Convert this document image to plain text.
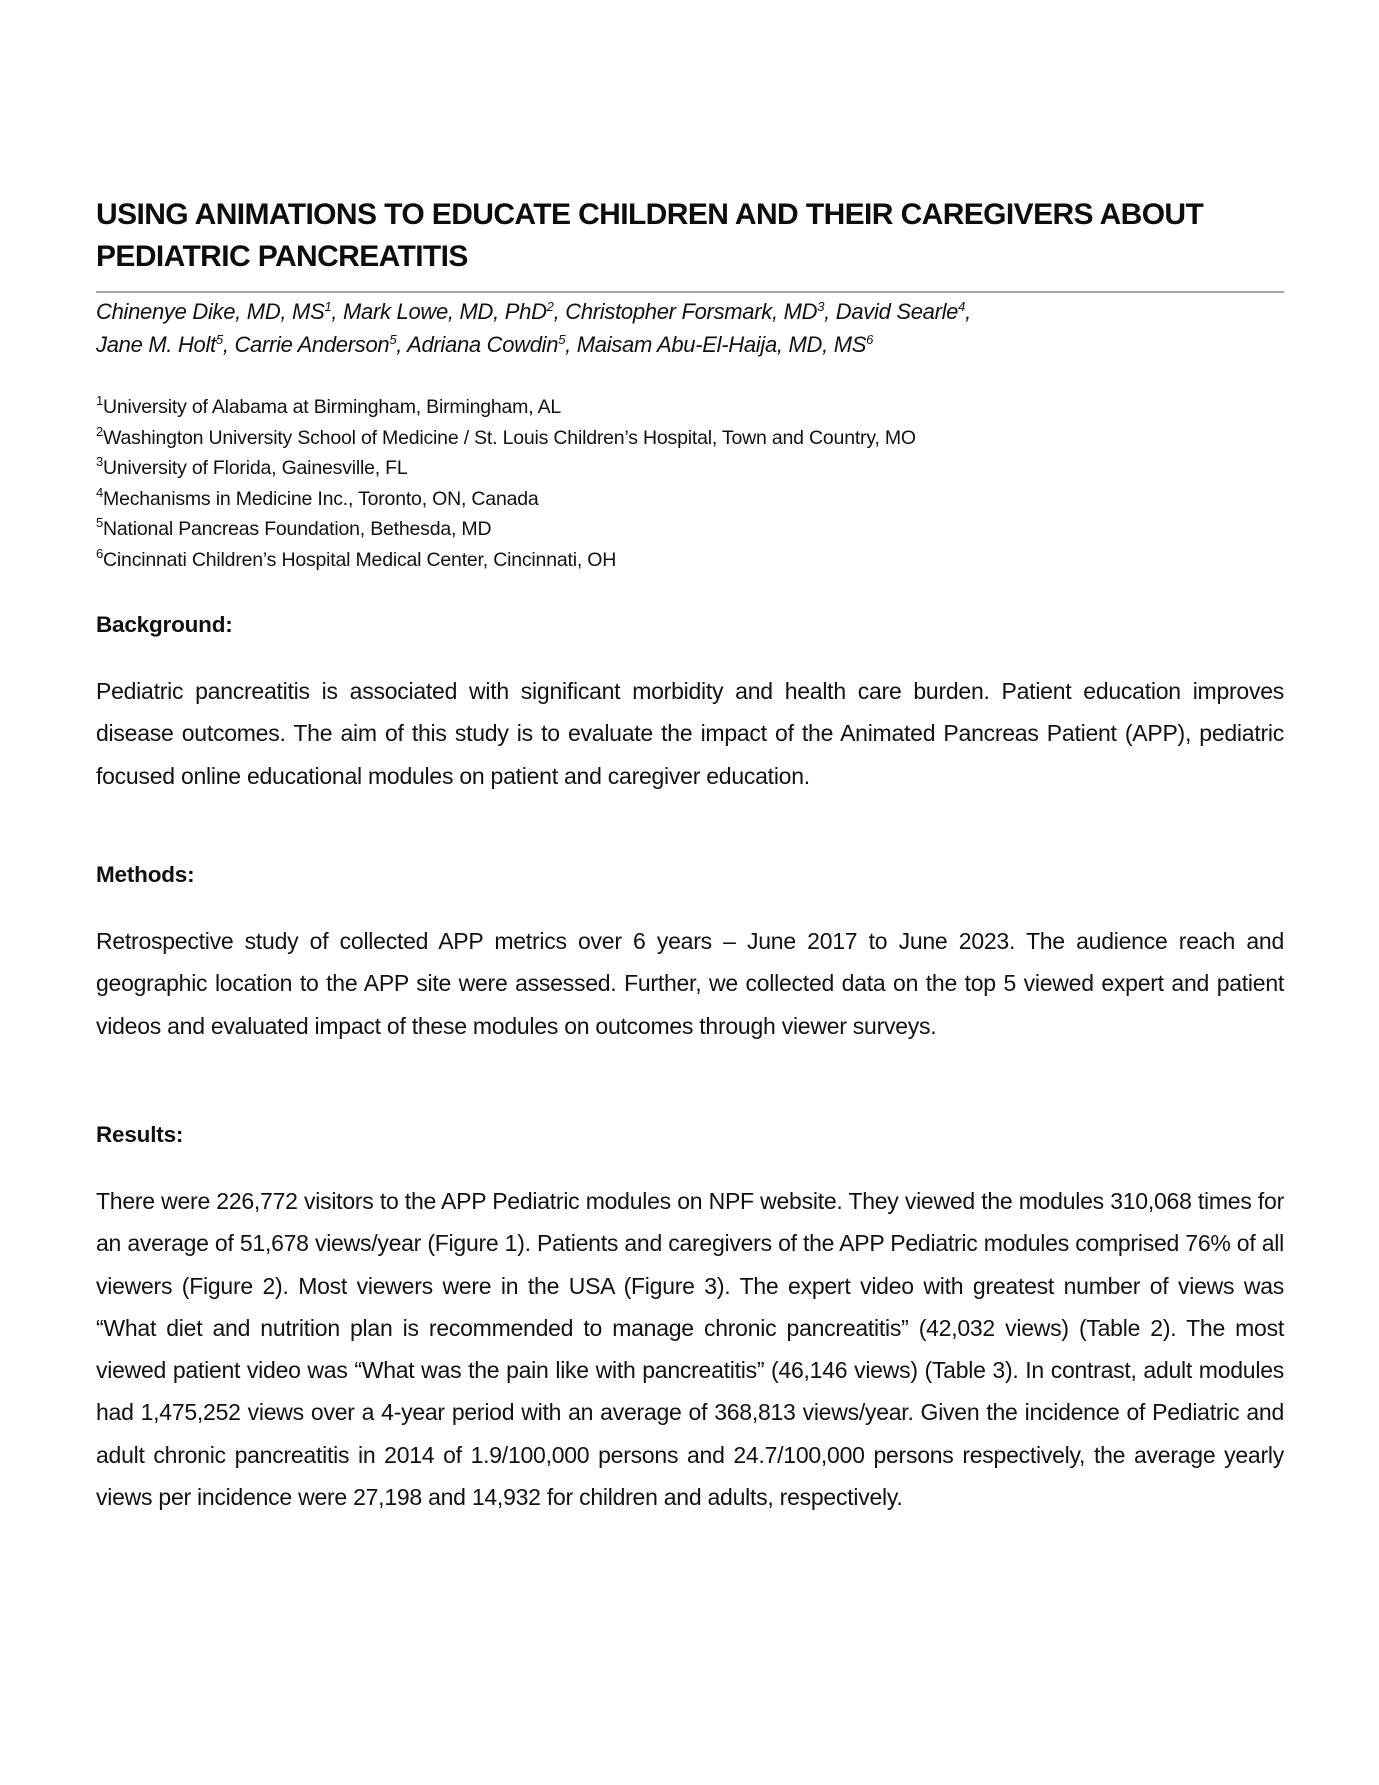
USING ANIMATIONS TO EDUCATE CHILDREN AND THEIR CAREGIVERS ABOUT PEDIATRIC PANCREATITIS
Chinenye Dike, MD, $MS^1$, Mark Lowe, MD, PhD$^2$, Christopher Forsmark, $MD^3$, David Searle$^4$,
Jane M. Holt$^5$, Carrie Anderson$^5$, Adriana Cowdin$^5$, Maisam Abu-El-Haija, MD, $MS^6$
$^1$University of Alabama at Birmingham, Birmingham, AL
$^2$Washington University School of Medicine / St. Louis Children’s Hospital, Town and Country, MO
$^3$University of Florida, Gainesville, FL
$^4$Mechanisms in Medicine Inc., Toronto, ON, Canada
$^5$National Pancreas Foundation, Bethesda, MD
$^6$Cincinnati Children’s Hospital Medical Center, Cincinnati, OH
Background:

Pediatric pancreatitis is associated with significant morbidity and health care burden. Patient education improves disease outcomes. The aim of this study is to evaluate the impact of the Animated Pancreas Patient (APP), pediatric focused online educational modules on patient and caregiver education.

Methods:

Retrospective study of collected APP metrics over 6 years – June 2017 to June 2023. The audience reach and geographic location to the APP site were assessed. Further, we collected data on the top 5 viewed expert and patient videos and evaluated impact of these modules on outcomes through viewer surveys.

Results:

There were 226,772 visitors to the APP Pediatric modules on NPF website. They viewed the modules 310,068 times for an average of 51,678 views/year (Figure 1). Patients and caregivers of the APP Pediatric modules comprised 76% of all viewers (Figure 2). Most viewers were in the USA (Figure 3). The expert video with greatest number of views was “What diet and nutrition plan is recommended to manage chronic pancreatitis” (42,032 views) (Table 2). The most viewed patient video was “What was the pain like with pancreatitis” (46,146 views) (Table 3). In contrast, adult modules had 1,475,252 views over a 4-year period with an average of 368,813 views/year. Given the incidence of Pediatric and adult chronic pancreatitis in 2014 of 1.9/100,000 persons and 24.7/100,000 persons respectively, the average yearly views per incidence were 27,198 and 14,932 for children and adults, respectively.
